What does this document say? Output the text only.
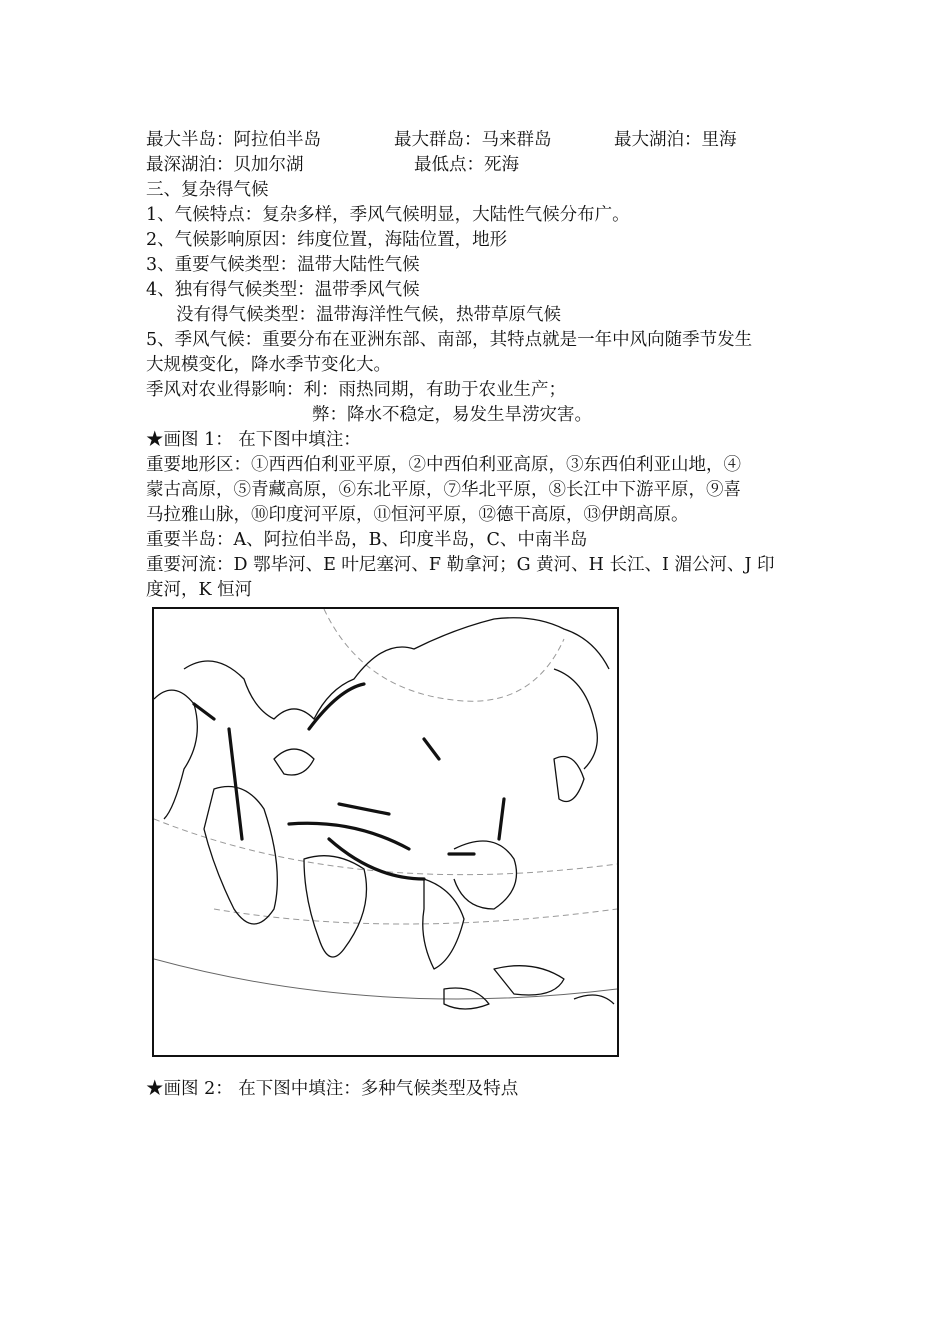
最大半岛：阿拉伯半岛	最大群岛：马来群岛	最大湖泊：里海
最深湖泊：贝加尔湖	最低点：死海
三、复杂得气候
1、气候特点：复杂多样，季风气候明显，大陆性气候分布广。
2、气候影响原因：纬度位置，海陆位置，地形
3、重要气候类型：温带大陆性气候
4、独有得气候类型：温带季风气候
没有得气候类型：温带海洋性气候，热带草原气候
5、季风气候：重要分布在亚洲东部、南部，其特点就是一年中风向随季节发生
大规模变化，降水季节变化大。
季风对农业得影响：利：雨热同期，有助于农业生产；
弊：降水不稳定，易发生旱涝灾害。
★画图 1： 在下图中填注：
重要地形区：①西西伯利亚平原，②中西伯利亚高原，③东西伯利亚山地，④
蒙古高原，⑤青藏高原，⑥东北平原，⑦华北平原，⑧长江中下游平原，⑨喜
马拉雅山脉，⑩印度河平原，⑪恒河平原，⑫德干高原，⑬伊朗高原。
重要半岛：A、阿拉伯半岛，B、印度半岛，C、中南半岛
重要河流：D 鄂毕河、E 叶尼塞河、F 勒拿河；G 黄河、H 长江、I 湄公河、J 印
度河，K 恒河
★画图 2： 在下图中填注：多种气候类型及特点
